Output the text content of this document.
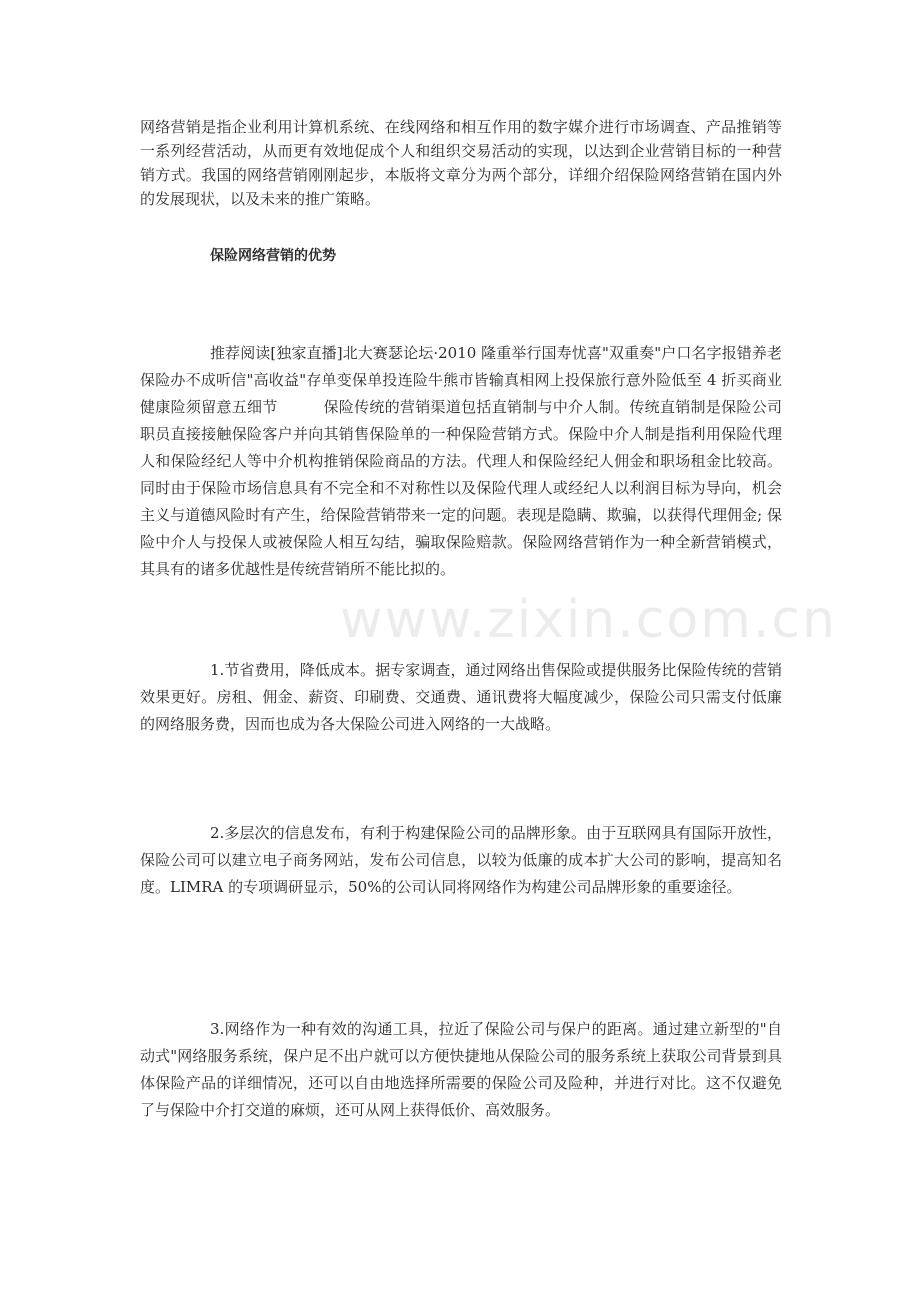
网络营销是指企业利用计算机系统、在线网络和相互作用的数字媒介进行市场调查、产品推销等一系列经营活动，从而更有效地促成个人和组织交易活动的实现，以达到企业营销目标的一种营销方式。我国的网络营销刚刚起步，本版将文章分为两个部分，详细介绍保险网络营销在国内外的发展现状，以及未来的推广策略。

保险网络营销的优势

推荐阅读[独家直播]北大赛瑟论坛·2010 隆重举行国寿忧喜"双重奏"户口名字报错养老保险办不成听信"高收益"存单变保单投连险牛熊市皆输真相网上投保旅行意外险低至 4 折买商业健康险须留意五细节　　　保险传统的营销渠道包括直销制与中介人制。传统直销制是保险公司职员直接接触保险客户并向其销售保险单的一种保险营销方式。保险中介人制是指利用保险代理人和保险经纪人等中介机构推销保险商品的方法。代理人和保险经纪人佣金和职场租金比较高。同时由于保险市场信息具有不完全和不对称性以及保险代理人或经纪人以利润目标为导向，机会主义与道德风险时有产生，给保险营销带来一定的问题。表现是隐瞒、欺骗，以获得代理佣金; 保险中介人与投保人或被保险人相互勾结，骗取保险赔款。保险网络营销作为一种全新营销模式，其具有的诸多优越性是传统营销所不能比拟的。

1.节省费用，降低成本。据专家调查，通过网络出售保险或提供服务比保险传统的营销效果更好。房租、佣金、薪资、印刷费、交通费、通讯费将大幅度减少，保险公司只需支付低廉的网络服务费，因而也成为各大保险公司进入网络的一大战略。

2.多层次的信息发布，有利于构建保险公司的品牌形象。由于互联网具有国际开放性，保险公司可以建立电子商务网站，发布公司信息，以较为低廉的成本扩大公司的影响，提高知名度。LIMRA 的专项调研显示，50%的公司认同将网络作为构建公司品牌形象的重要途径。

3.网络作为一种有效的沟通工具，拉近了保险公司与保户的距离。通过建立新型的"自动式"网络服务系统，保户足不出户就可以方便快捷地从保险公司的服务系统上获取公司背景到具体保险产品的详细情况，还可以自由地选择所需要的保险公司及险种，并进行对比。这不仅避免了与保险中介打交道的麻烦，还可从网上获得低价、高效服务。

www.zixin.com.cn
